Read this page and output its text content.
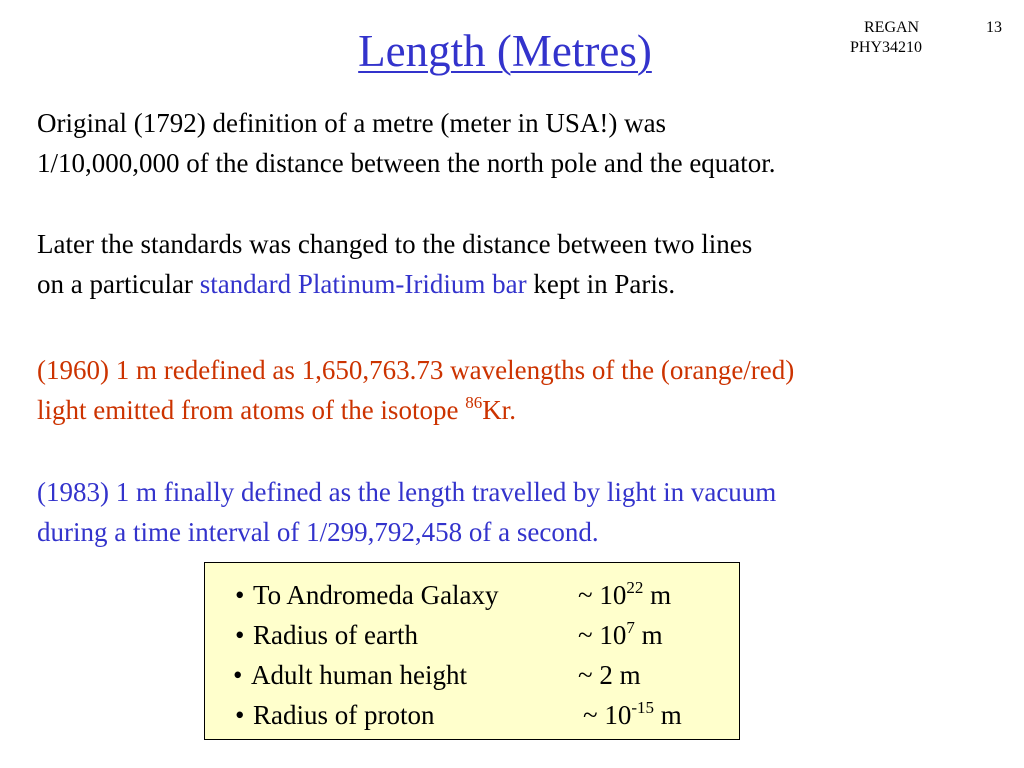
Length (Metres)	REGAN
PHY34210
13
Original (1792) definition of a metre (meter in USA!) was
1/10,000,000 of the distance between the north pole and the equator.
Later the standards was changed to the distance between two lines
on a particular standard Platinum-Iridium bar kept in Paris.
(1960) 1 m redefined as 1,650,763.73 wavelengths of the (orange/red)
light emitted from atoms of the isotope $^{86}$Kr.
(1983) 1 m finally defined as the length travelled by light in vacuum
during a time interval of 1/299,792,458 of a second.
• To Andromeda Galaxy	~ $10^{22}$ m
• Radius of earth	~ $10^7$ m
• Adult human height	~ 2 m
• Radius of proton	~ $10^{-15}$ m
